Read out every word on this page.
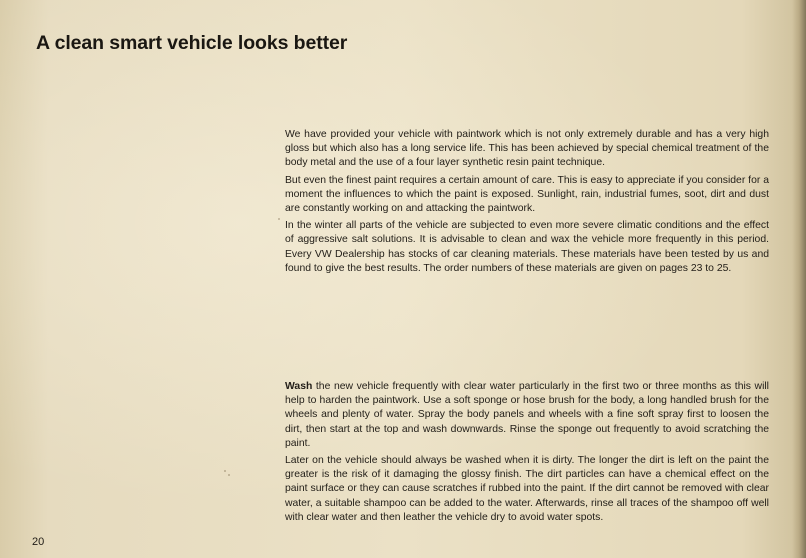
A clean smart vehicle looks better

We have provided your vehicle with paintwork which is not only extremely durable and has a very high gloss but which also has a long service life. This has been achieved by special chemical treatment of the body metal and the use of a four layer synthetic resin paint technique.

But even the finest paint requires a certain amount of care. This is easy to appreciate if you consider for a moment the influences to which the paint is exposed. Sunlight, rain, industrial fumes, soot, dirt and dust are constantly working on and attacking the paintwork.

In the winter all parts of the vehicle are subjected to even more severe climatic conditions and the effect of aggressive salt solutions. It is advisable to clean and wax the vehicle more frequently in this period. Every VW Dealership has stocks of car cleaning materials. These materials have been tested by us and found to give the best results. The order numbers of these materials are given on pages 23 to 25.

Wash the new vehicle frequently with clear water particularly in the first two or three months as this will help to harden the paintwork. Use a soft sponge or hose brush for the body, a long handled brush for the wheels and plenty of water. Spray the body panels and wheels with a fine soft spray first to loosen the dirt, then start at the top and wash downwards. Rinse the sponge out frequently to avoid scratching the paint.

Later on the vehicle should always be washed when it is dirty. The longer the dirt is left on the paint the greater is the risk of it damaging the glossy finish. The dirt particles can have a chemical effect on the paint surface or they can cause scratches if rubbed into the paint. If the dirt cannot be removed with clear water, a suitable shampoo can be added to the water. Afterwards, rinse all traces of the shampoo off well with clear water and then leather the vehicle dry to avoid water spots.

20
